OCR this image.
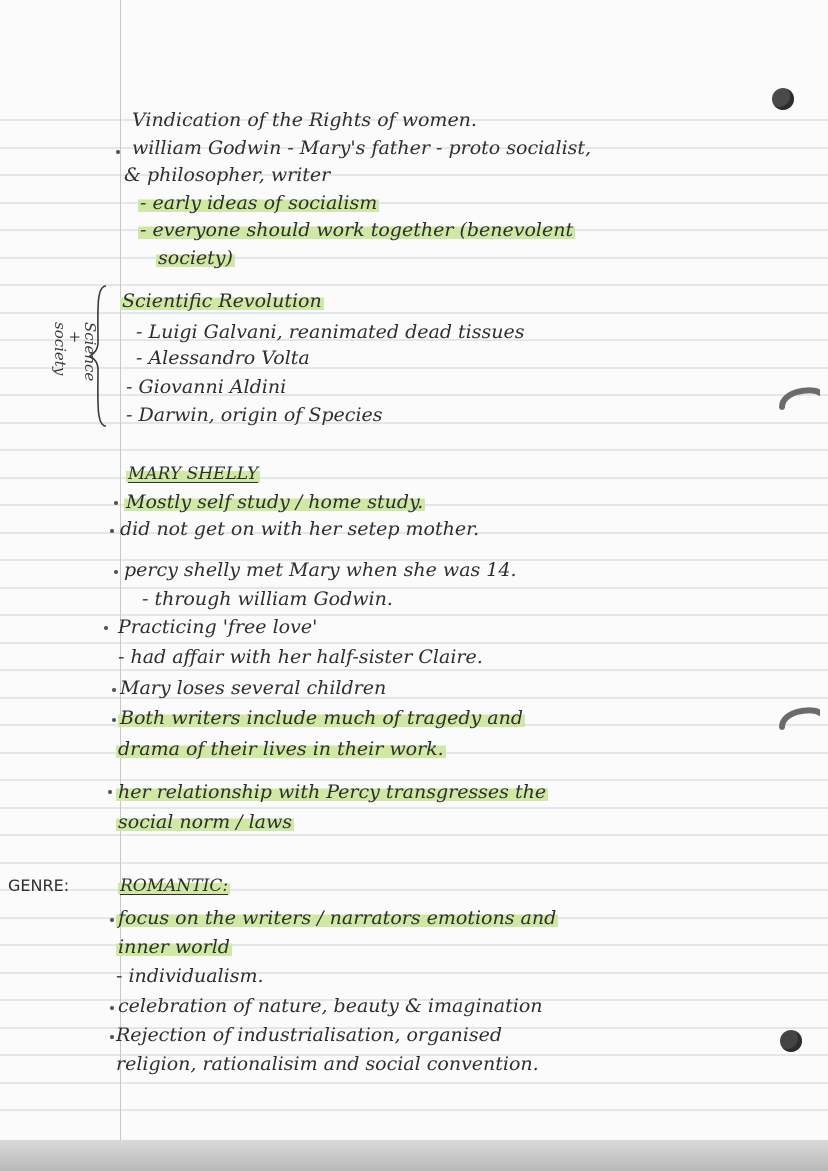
Vindication of the Rights of women.
william Godwin - Mary's father - proto socialist,
& philosopher, writer
- early ideas of socialism
- everyone should work together (benevolent
society)
Science + society
Scientific Revolution
- Luigi Galvani, reanimated dead tissues
- Alessandro Volta
- Giovanni Aldini
- Darwin, origin of Species
MARY SHELLY
Mostly self study / home study.
did not get on with her setep mother.
percy shelly met Mary when she was 14.
- through william Godwin.
Practicing 'free love'
- had affair with her half-sister Claire.
Mary loses several children
Both writers include much of tragedy and
drama of their lives in their work.
her relationship with Percy transgresses the
social norm / laws
GENRE:	ROMANTIC:
focus on the writers / narrators emotions and
inner world
- individualism.
celebration of nature, beauty & imagination
Rejection of industrialisation, organised
religion, rationalisim and social convention.
